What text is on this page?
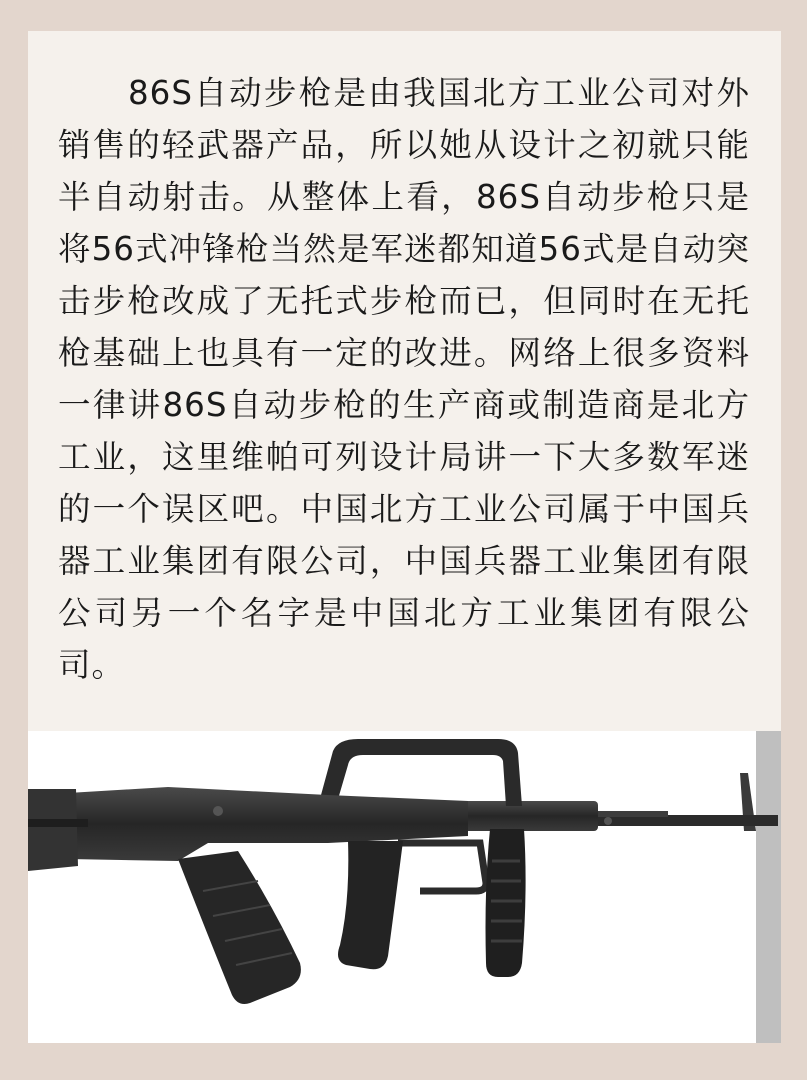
86S自动步枪是由我国北方工业公司对外销售的轻武器产品，所以她从设计之初就只能半自动射击。从整体上看，86S自动步枪只是将56式冲锋枪当然是军迷都知道56式是自动突击步枪改成了无托式步枪而已，但同时在无托枪基础上也具有一定的改进。网络上很多资料一律讲86S自动步枪的生产商或制造商是北方工业，这里维帕可列设计局讲一下大多数军迷的一个误区吧。中国北方工业公司属于中国兵器工业集团有限公司，中国兵器工业集团有限公司另一个名字是中国北方工业集团有限公司。
